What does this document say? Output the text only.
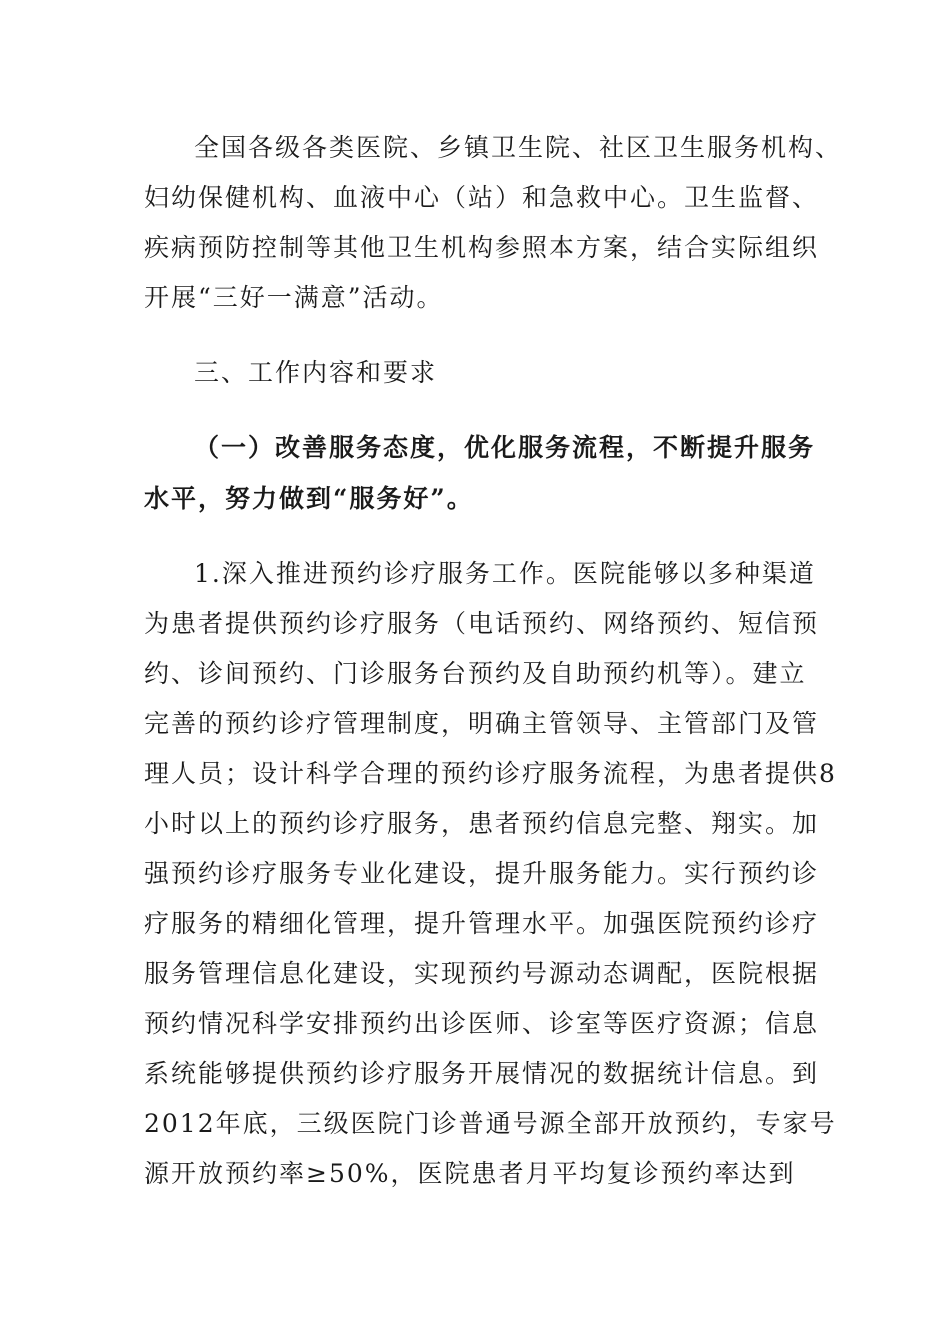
全国各级各类医院、乡镇卫生院、社区卫生服务机构、
妇幼保健机构、血液中心（站）和急救中心。卫生监督、
疾病预防控制等其他卫生机构参照本方案，结合实际组织
开展“三好一满意”活动。
三、工作内容和要求
（一）改善服务态度，优化服务流程，不断提升服务
水平，努力做到“服务好”。
1.深入推进预约诊疗服务工作。医院能够以多种渠道
为患者提供预约诊疗服务（电话预约、网络预约、短信预
约、诊间预约、门诊服务台预约及自助预约机等）。建立
完善的预约诊疗管理制度，明确主管领导、主管部门及管
理人员；设计科学合理的预约诊疗服务流程，为患者提供8
小时以上的预约诊疗服务，患者预约信息完整、翔实。加
强预约诊疗服务专业化建设，提升服务能力。实行预约诊
疗服务的精细化管理，提升管理水平。加强医院预约诊疗
服务管理信息化建设，实现预约号源动态调配，医院根据
预约情况科学安排预约出诊医师、诊室等医疗资源；信息
系统能够提供预约诊疗服务开展情况的数据统计信息。到
2012年底，三级医院门诊普通号源全部开放预约，专家号
源开放预约率≥50%，医院患者月平均复诊预约率达到
